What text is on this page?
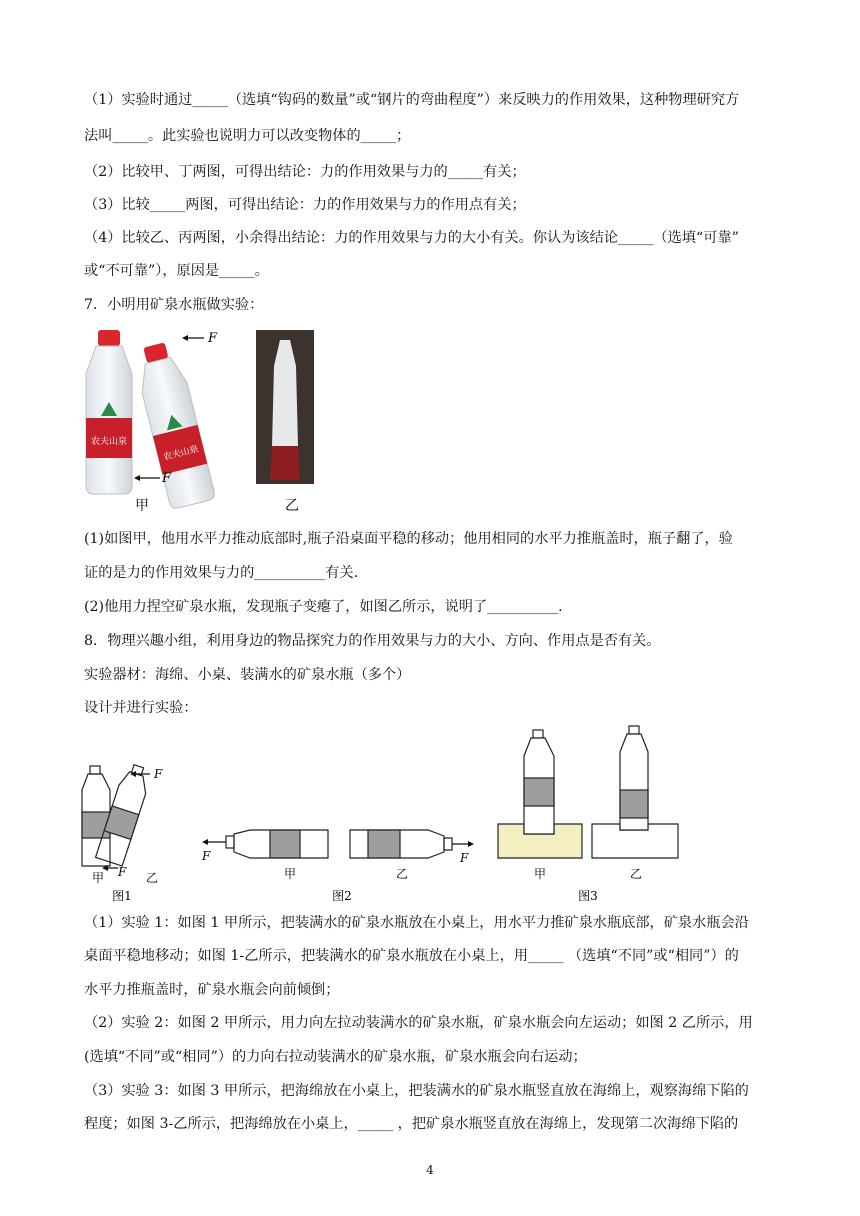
（1）实验时通过_____（选填“钩码的数量”或“钢片的弯曲程度”）来反映力的作用效果，这种物理研究方
法叫_____。此实验也说明力可以改变物体的_____；
（2）比较甲、丁两图，可得出结论：力的作用效果与力的_____有关；
（3）比较_____两图，可得出结论：力的作用效果与力的作用点有关；
（4）比较乙、丙两图，小余得出结论：力的作用效果与力的大小有关。你认为该结论_____（选填“可靠”
或“不可靠”），原因是_____。
7．小明用矿泉水瓶做实验：
农夫山泉
农夫山泉
F
F
甲	乙
(1)如图甲，他用水平力推动底部时,瓶子沿桌面平稳的移动；他用相同的水平力推瓶盖时，瓶子翻了，验
证的是力的作用效果与力的__________有关.
(2)他用力捏空矿泉水瓶，发现瓶子变瘪了，如图乙所示，说明了__________.
8．物理兴趣小组，利用身边的物品探究力的作用效果与力的大小、方向、作用点是否有关。
实验器材：海绵、小桌、装满水的矿泉水瓶（多个）
设计并进行实验：
F
F
甲	乙
图1
F	F
甲	乙
图2
甲	乙
图3
（1）实验 1：如图 1 甲所示，把装满水的矿泉水瓶放在小桌上，用水平力推矿泉水瓶底部，矿泉水瓶会沿
桌面平稳地移动；如图 1-乙所示，把装满水的矿泉水瓶放在小桌上，用_____ （选填“不同”或“相同”）的
水平力推瓶盖时，矿泉水瓶会向前倾倒；
（2）实验 2：如图 2 甲所示，用力向左拉动装满水的矿泉水瓶，矿泉水瓶会向左运动；如图 2 乙所示，用
(选填“不同”或“相同”）的力向右拉动装满水的矿泉水瓶，矿泉水瓶会向右运动；
（3）实验 3：如图 3 甲所示，把海绵放在小桌上，把装满水的矿泉水瓶竖直放在海绵上，观察海绵下陷的
程度；如图 3-乙所示，把海绵放在小桌上，_____ ，把矿泉水瓶竖直放在海绵上，发现第二次海绵下陷的
4
